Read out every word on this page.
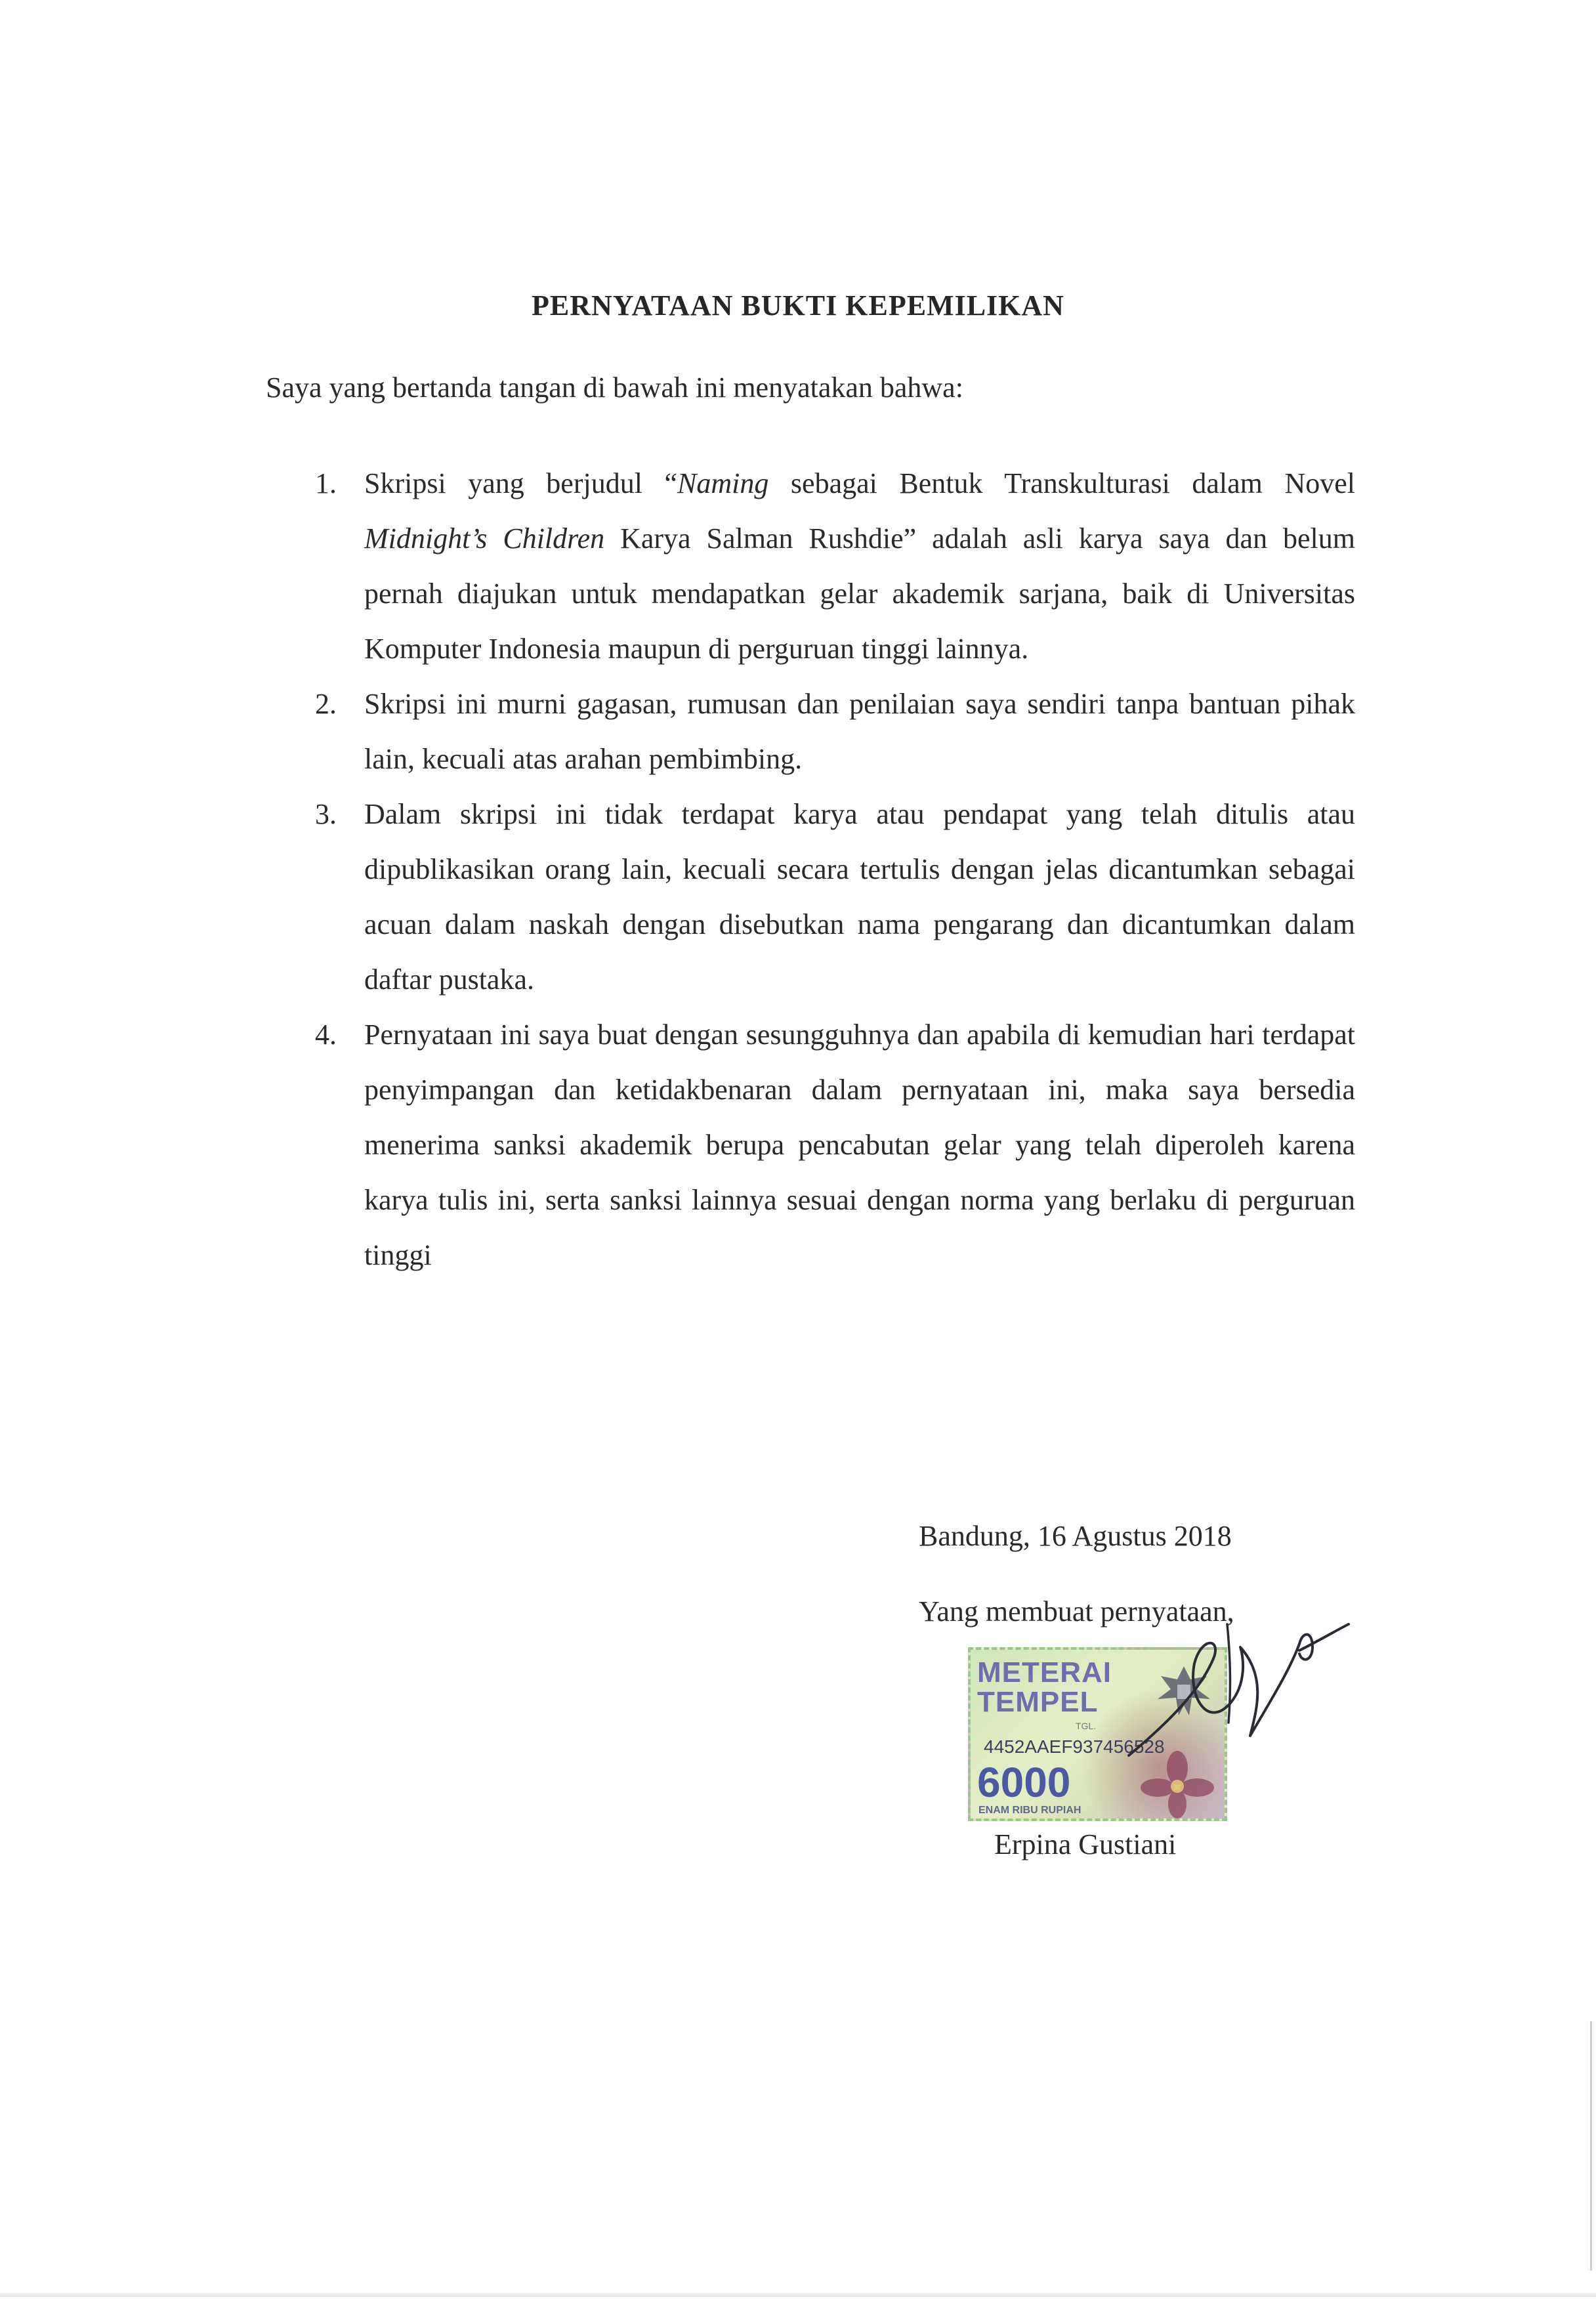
PERNYATAAN BUKTI KEPEMILIKAN
Saya yang bertanda tangan di bawah ini menyatakan bahwa:
1. Skripsi yang berjudul “Naming sebagai Bentuk Transkulturasi dalam Novel Midnight’s Children Karya Salman Rushdie” adalah asli karya saya dan belum pernah diajukan untuk mendapatkan gelar akademik sarjana, baik di Universitas Komputer Indonesia maupun di perguruan tinggi lainnya.
2. Skripsi ini murni gagasan, rumusan dan penilaian saya sendiri tanpa bantuan pihak lain, kecuali atas arahan pembimbing.
3. Dalam skripsi ini tidak terdapat karya atau pendapat yang telah ditulis atau dipublikasikan orang lain, kecuali secara tertulis dengan jelas dicantumkan sebagai acuan dalam naskah dengan disebutkan nama pengarang dan dicantumkan dalam daftar pustaka.
4. Pernyataan ini saya buat dengan sesungguhnya dan apabila di kemudian hari terdapat penyimpangan dan ketidakbenaran dalam pernyataan ini, maka saya bersedia menerima sanksi akademik berupa pencabutan gelar yang telah diperoleh karena karya tulis ini, serta sanksi lainnya sesuai dengan norma yang berlaku di perguruan tinggi
Bandung, 16 Agustus 2018
Yang membuat pernyataan,
METERAI
TEMPEL
TGL.
4452AAEF937456528
6000
ENAM RIBU RUPIAH
Erpina Gustiani
